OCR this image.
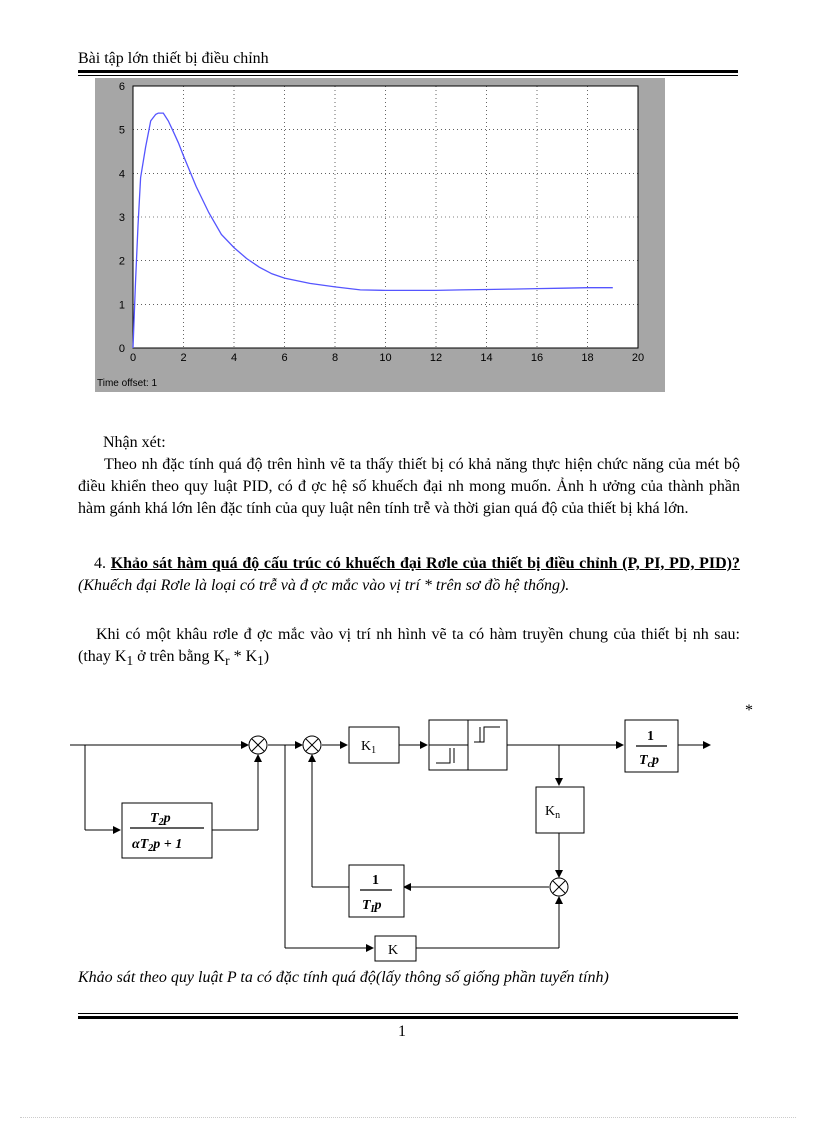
Bài tập lớn thiết bị điều chỉnh
0	2	4	6	8	10	12	14	16	18	20
0
1
2
3
4
5
6
Time offset: 1
Nhận xét:
Theo nh đặc tính quá độ trên hình vẽ ta thấy thiết bị có khả năng thực hiện chức năng của mét bộ điều khiển theo quy luật PID, có đ ợc hệ số khuếch đại nh mong muốn. Ảnh h ưởng của thành phần hàm gánh khá lớn lên đặc tính của quy luật nên tính trễ và thời gian quá độ của thiết bị khá lớn.
4. Khảo sát hàm quá độ cấu trúc có khuếch đại Rơle của thiết bị điều chỉnh (P, PI, PD, PID)? (Khuếch đại Rơle là loại có trễ và đ ợc mắc vào vị trí * trên sơ đồ hệ thống).
Khi có một khâu rơle đ ợc mắc vào vị trí nh hình vẽ ta có hàm truyền chung của thiết bị nh sau: (thay $K_1$ ở trên bằng $K_r * K_1$)
*
$K_1$
1
$T_cp$
$K_n$
1
$T_Ip$
K
$T_2p$
$\alpha T_2p + 1$
Khảo sát theo quy luật P ta có đặc tính quá độ(lấy thông số giống phần tuyến tính)
1
